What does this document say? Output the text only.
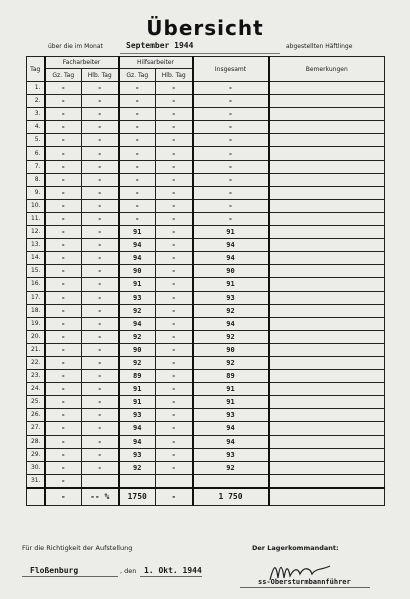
Übersicht
über die im Monat	September 1944	abgestellten Häftlinge
Tag	Facharbeiter		Hilfsarbeiter		Insgesamt	Bemerkungen
	Gz. Tag	Hlb. Tag	Gz. Tag	Hlb. Tag		
1.	-	-	-	-	-	
2.	-	-	-	-	-	
3.	-	-	-	-	-	
4.	-	-	-	-	-	
5.	-	-	-	-	-	
6.	-	-	-	-	-	
7.	-	-	-	-	-	
8.	-	-	-	-	-	
9.	-	-	-	-	-	
10.	-	-	-	-	-	
11.	-	-	-	-	-	
12.	-	-	91	-	91	
13.	-	-	94	-	94	
14.	-	-	94	-	94	
15.	-	-	90	-	90	
16.	-	-	91	-	91	
17.	-	-	93	-	93	
18.	-	-	92	-	92	
19.	-	-	94	-	94	
20.	-	-	92	-	92	
21.	-	-	90	-	90	
22.	-	-	92	-	92	
23.	-	-	89	-	89	
24.	-	-	91	-	91	
25.	-	-	91	-	91	
26.	-	-	93	-	93	
27.	-	-	94	-	94	
28.	-	-	94	-	94	
29.	-	-	93	-	93	
30.	-	-	92	-	92	
31.	-					
	-	-- %	1750	-	1 750	
Für die Richtigkeit der Aufstellung	Der Lagerkommandant:
Floßenburg	, den 1. Okt. 1944
ss-Obersturmbannführer
